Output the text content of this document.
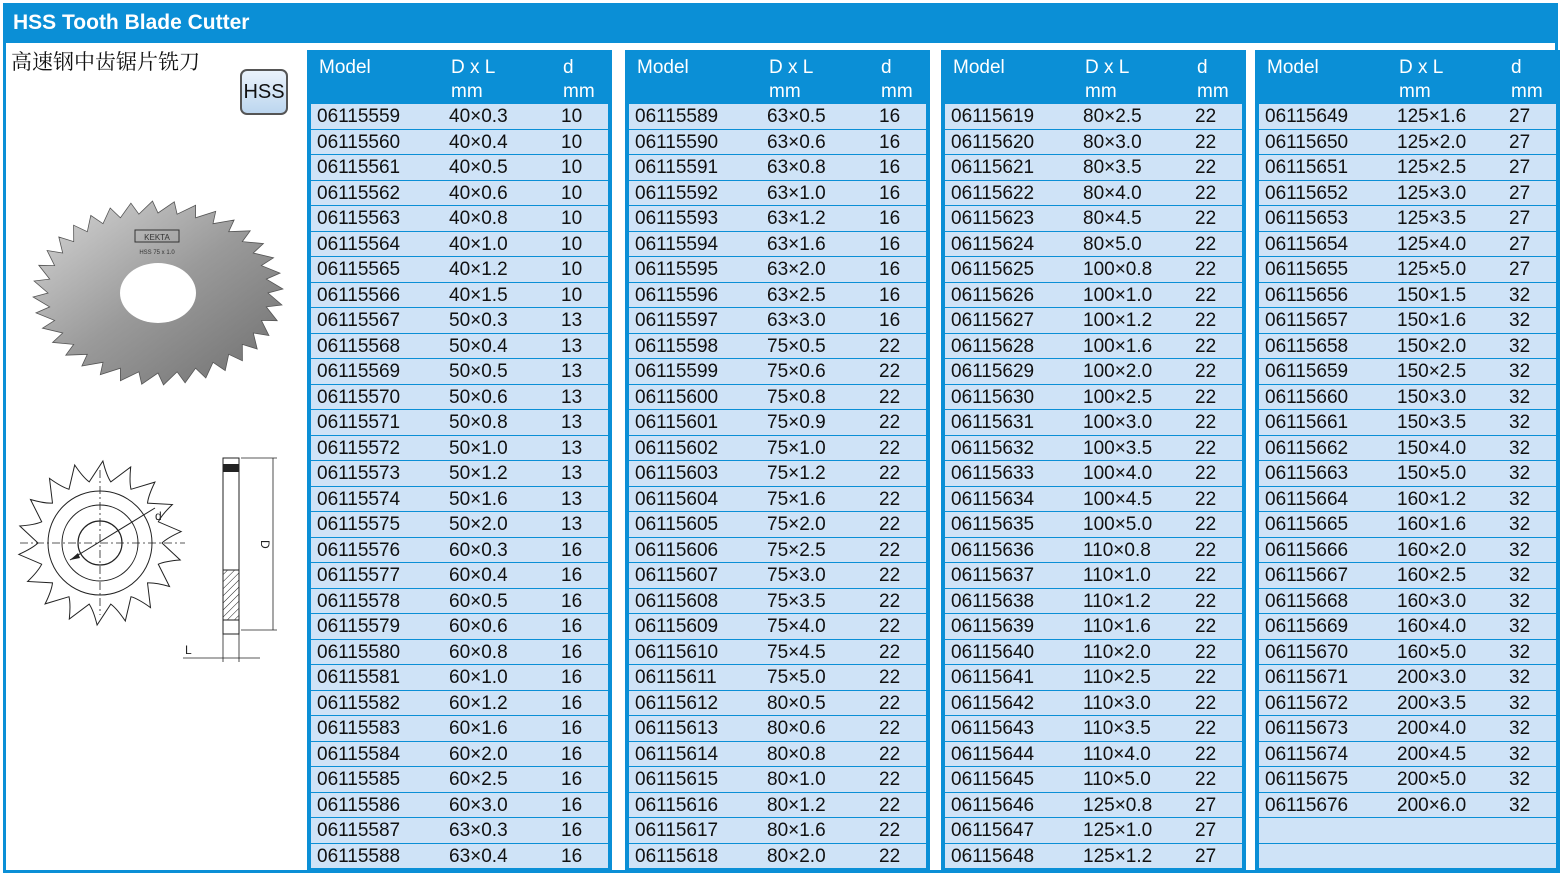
HSS Tooth Blade Cutter
高速钢中齿锯片铣刀
HSS
KEKTA
HSS 75 x 1.0
d
D
L
Model	D x L
mm
d
mm
06115559	40×0.3	10
06115560	40×0.4	10
06115561	40×0.5	10
06115562	40×0.6	10
06115563	40×0.8	10
06115564	40×1.0	10
06115565	40×1.2	10
06115566	40×1.5	10
06115567	50×0.3	13
06115568	50×0.4	13
06115569	50×0.5	13
06115570	50×0.6	13
06115571	50×0.8	13
06115572	50×1.0	13
06115573	50×1.2	13
06115574	50×1.6	13
06115575	50×2.0	13
06115576	60×0.3	16
06115577	60×0.4	16
06115578	60×0.5	16
06115579	60×0.6	16
06115580	60×0.8	16
06115581	60×1.0	16
06115582	60×1.2	16
06115583	60×1.6	16
06115584	60×2.0	16
06115585	60×2.5	16
06115586	60×3.0	16
06115587	63×0.3	16
06115588	63×0.4	16
Model	D x L
mm
d
mm
06115589	63×0.5	16
06115590	63×0.6	16
06115591	63×0.8	16
06115592	63×1.0	16
06115593	63×1.2	16
06115594	63×1.6	16
06115595	63×2.0	16
06115596	63×2.5	16
06115597	63×3.0	16
06115598	75×0.5	22
06115599	75×0.6	22
06115600	75×0.8	22
06115601	75×0.9	22
06115602	75×1.0	22
06115603	75×1.2	22
06115604	75×1.6	22
06115605	75×2.0	22
06115606	75×2.5	22
06115607	75×3.0	22
06115608	75×3.5	22
06115609	75×4.0	22
06115610	75×4.5	22
06115611	75×5.0	22
06115612	80×0.5	22
06115613	80×0.6	22
06115614	80×0.8	22
06115615	80×1.0	22
06115616	80×1.2	22
06115617	80×1.6	22
06115618	80×2.0	22
Model	D x L
mm
d
mm
06115619	80×2.5	22
06115620	80×3.0	22
06115621	80×3.5	22
06115622	80×4.0	22
06115623	80×4.5	22
06115624	80×5.0	22
06115625	100×0.8 22
06115626	100×1.0 22
06115627	100×1.2 22
06115628	100×1.6 22
06115629	100×2.0 22
06115630	100×2.5 22
06115631	100×3.0 22
06115632	100×3.5 22
06115633	100×4.0 22
06115634	100×4.5 22
06115635	100×5.0 22
06115636	110×0.8 22
06115637	110×1.0 22
06115638	110×1.2 22
06115639	110×1.6 22
06115640	110×2.0 22
06115641	110×2.5 22
06115642	110×3.0 22
06115643	110×3.5 22
06115644	110×4.0 22
06115645	110×5.0 22
06115646	125×0.8 27
06115647	125×1.0 27
06115648	125×1.2 27
Model	D x L
mm
d
mm
06115649	125×1.6 27
06115650	125×2.0 27
06115651	125×2.5 27
06115652	125×3.0 27
06115653	125×3.5 27
06115654	125×4.0 27
06115655	125×5.0 27
06115656	150×1.5 32
06115657	150×1.6 32
06115658	150×2.0 32
06115659	150×2.5 32
06115660	150×3.0 32
06115661	150×3.5 32
06115662	150×4.0 32
06115663	150×5.0 32
06115664	160×1.2 32
06115665	160×1.6 32
06115666	160×2.0 32
06115667	160×2.5 32
06115668	160×3.0 32
06115669	160×4.0 32
06115670	160×5.0 32
06115671	200×3.0 32
06115672	200×3.5 32
06115673	200×4.0 32
06115674	200×4.5 32
06115675	200×5.0 32
06115676	200×6.0 32
